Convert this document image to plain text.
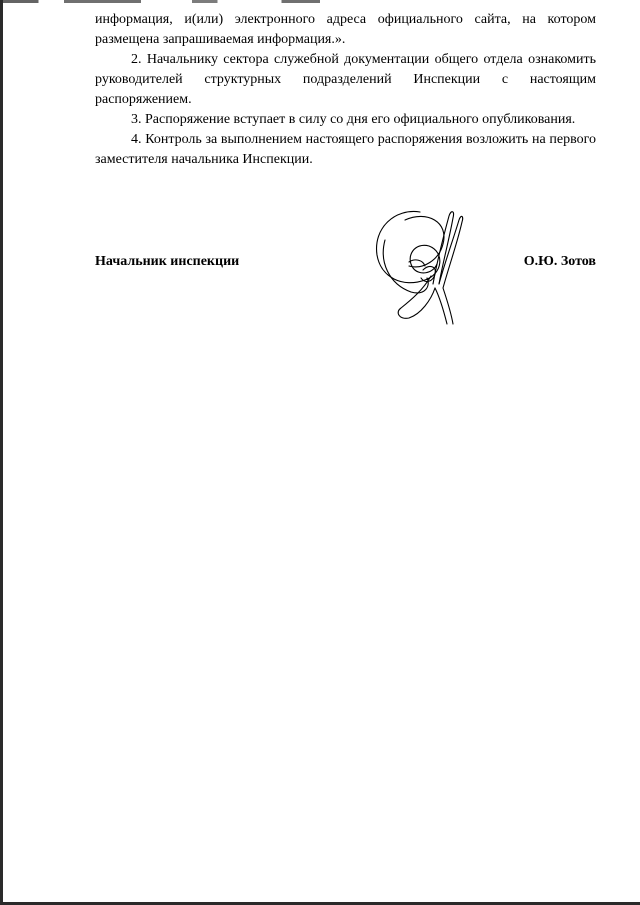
информация, и(или) электронного адреса официального сайта, на котором размещена запрашиваемая информация.».

2. Начальнику сектора служебной документации общего отдела ознакомить руководителей структурных подразделений Инспекции с настоящим распоряжением.

3. Распоряжение вступает в силу со дня его официального опубликования.

4. Контроль за выполнением настоящего распоряжения возложить на первого заместителя начальника Инспекции.

Начальник инспекции	О.Ю. Зотов
